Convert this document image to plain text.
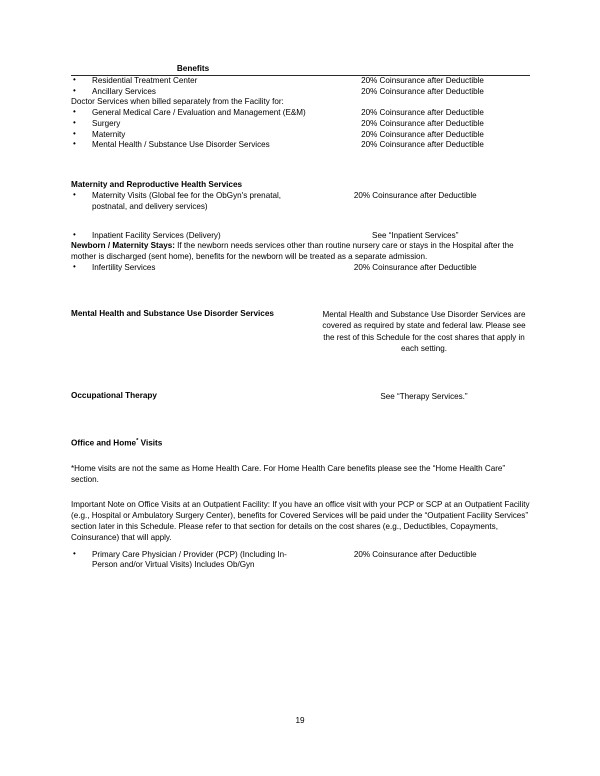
Benefits	

• Residential Treatment Center	20% Coinsurance after Deductible

• Ancillary Services	20% Coinsurance after Deductible

Doctor Services when billed separately from the Facility for:

• General Medical Care / Evaluation and Management (E&M)	20% Coinsurance after Deductible

• Surgery	20% Coinsurance after Deductible

• Maternity	20% Coinsurance after Deductible

• Mental Health / Substance Use Disorder Services	20% Coinsurance after Deductible

Maternity and Reproductive Health Services

• Maternity Visits (Global fee for the ObGyn's prenatal, postnatal, and delivery services)
	20% Coinsurance after Deductible

• Inpatient Facility Services (Delivery)	See “Inpatient Services”
Newborn / Maternity Stays: If the newborn needs services other than routine nursery care or stays in the Hospital after the mother is discharged (sent home), benefits for the newborn will be treated as a separate admission.

• Infertility Services	20% Coinsurance after Deductible

Mental Health and Substance Use Disorder Services	Mental Health and Substance Use Disorder Services are covered as required by state and federal law. Please see the rest of this Schedule for the cost shares that apply in each setting.

Occupational Therapy	See “Therapy Services.”

Office and Home* Visits
*Home visits are not the same as Home Health Care. For Home Health Care benefits please see the “Home Health Care” section.
Important Note on Office Visits at an Outpatient Facility: If you have an office visit with your PCP or SCP at an Outpatient Facility (e.g., Hospital or Ambulatory Surgery Center), benefits for Covered Services will be paid under the “Outpatient Facility Services” section later in this Schedule. Please refer to that section for details on the cost shares (e.g., Deductibles, Copayments, Coinsurance) that will apply.

• Primary Care Physician / Provider (PCP) (Including In-Person and/or Virtual Visits) Includes Ob/Gyn
	20% Coinsurance after Deductible
19
